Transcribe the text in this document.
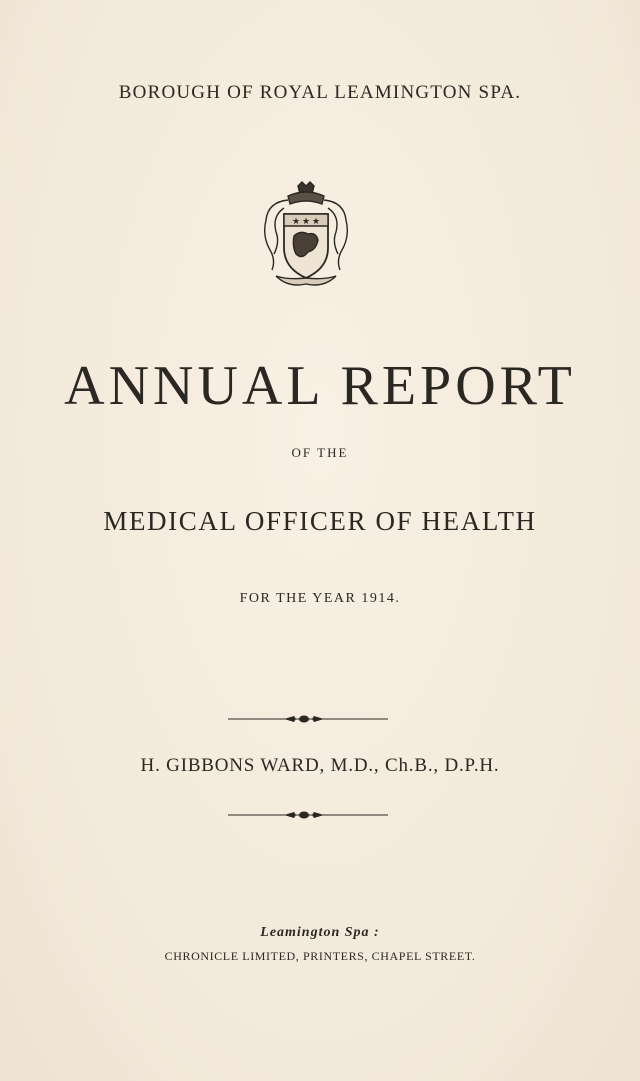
BOROUGH OF ROYAL LEAMINGTON SPA.
★ ★ ★
ANNUAL REPORT
OF THE
MEDICAL OFFICER OF HEALTH
FOR THE YEAR 1914.
H. GIBBONS WARD, M.D., Ch.B., D.P.H.
Leamington Spa :
CHRONICLE LIMITED, PRINTERS, CHAPEL STREET.
